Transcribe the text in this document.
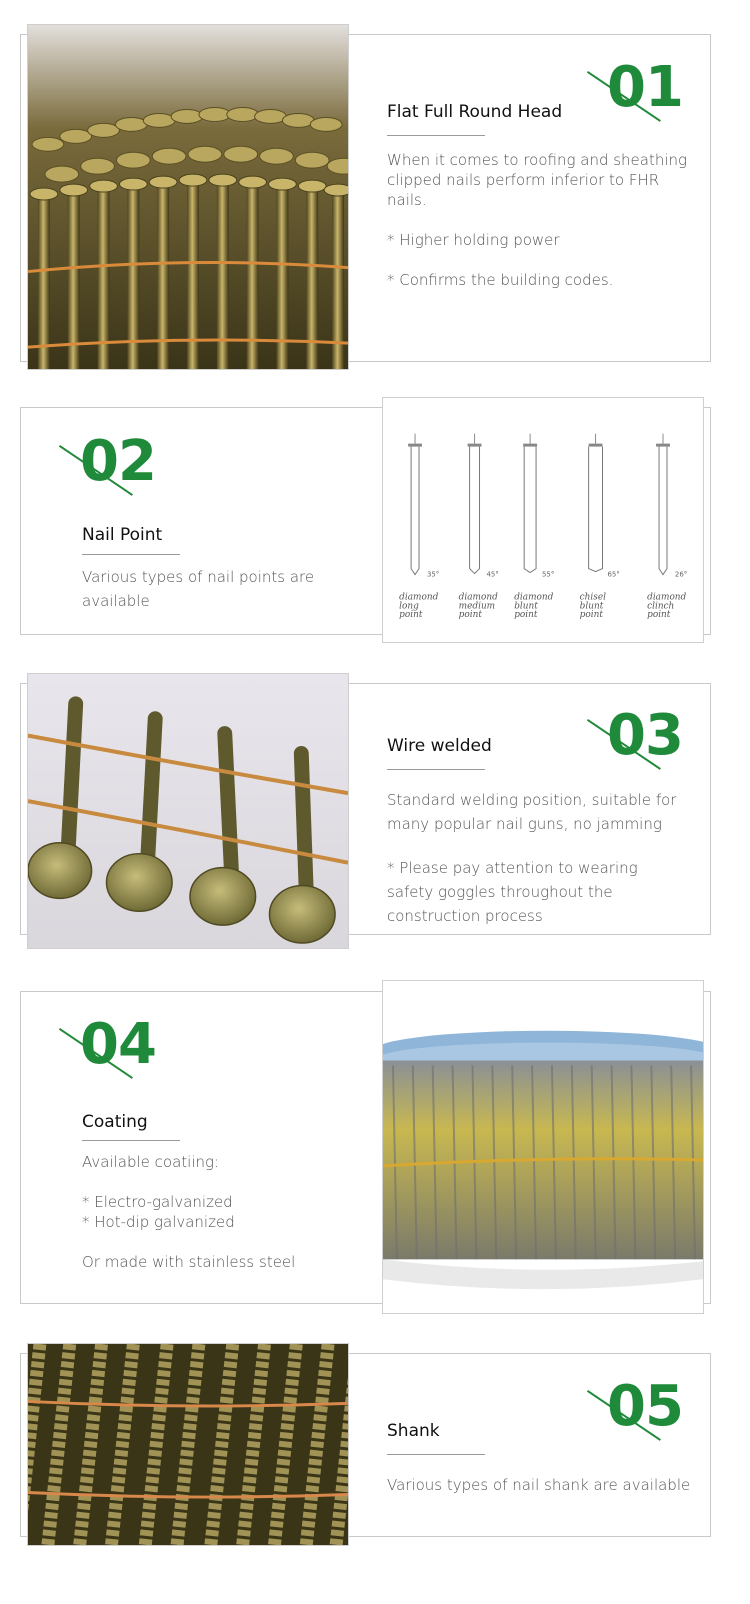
01
Flat Full Round Head

When it comes to roofing and sheathing clipped nails perform inferior to FHR nails.

* Higher holding power

* Confirms the building codes.

35°
diamond
long
point
45°
diamond
medium
point
55°
diamond
blunt
point
65°
chisel
blunt
point
26°
diamond
clinch
point
02
Nail Point
Various types of nail points are available
03
Wire welded

Standard welding position, suitable for many popular nail guns, no jamming

* Please pay attention to wearing safety goggles throughout the construction process

04
Coating

Available coatiing:

* Electro-galvanized

* Hot-dip galvanized

Or made with stainless steel

05
Shank
Various types of nail shank are available
